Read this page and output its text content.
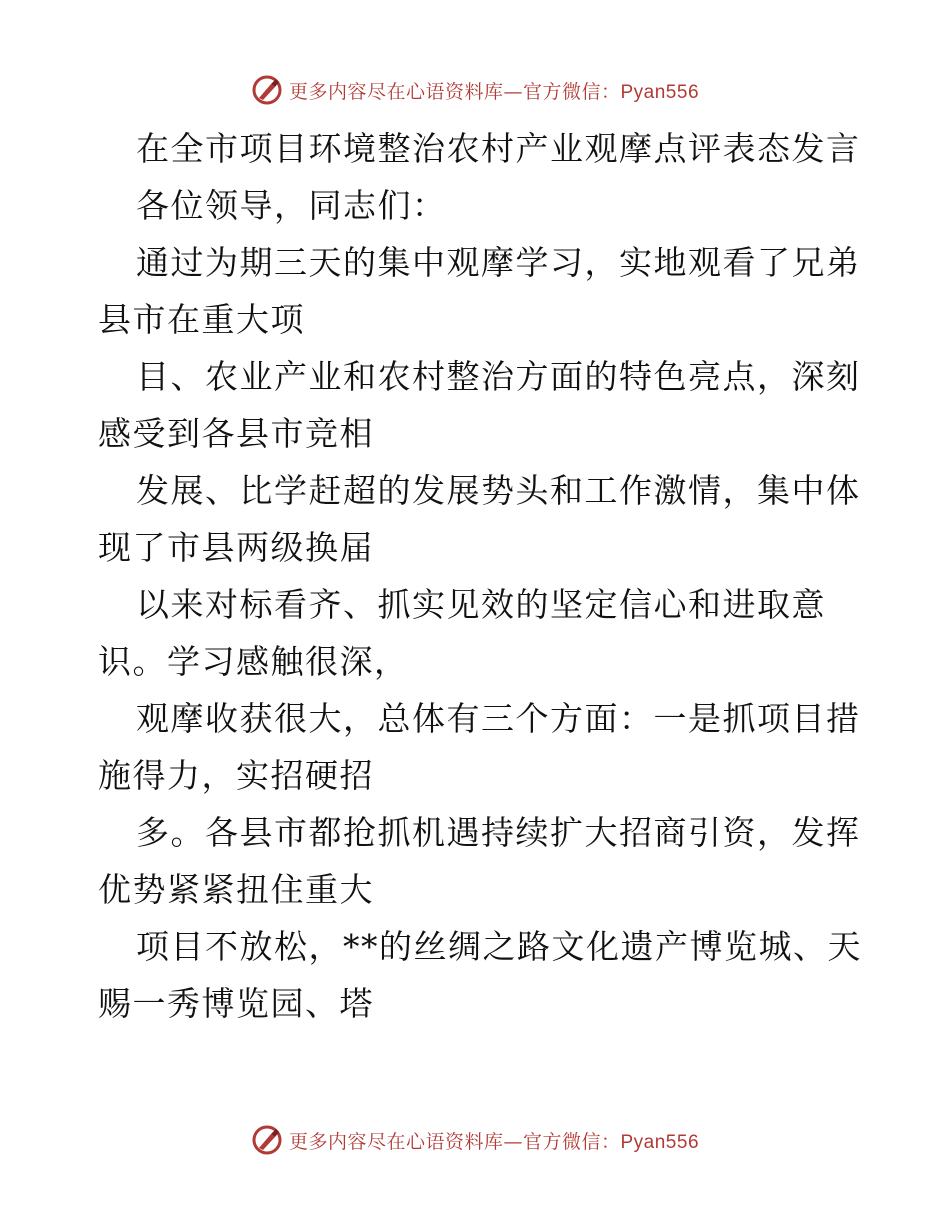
更多内容尽在心语资料库—官方微信：Pyan556
在全市项目环境整治农村产业观摩点评表态发言
各位领导，同志们：
通过为期三天的集中观摩学习，实地观看了兄弟
县市在重大项
目、农业产业和农村整治方面的特色亮点，深刻
感受到各县市竞相
发展、比学赶超的发展势头和工作激情，集中体
现了市县两级换届
以来对标看齐、抓实见效的坚定信心和进取意
识。学习感触很深，
观摩收获很大，总体有三个方面：一是抓项目措
施得力，实招硬招
多。各县市都抢抓机遇持续扩大招商引资，发挥
优势紧紧扭住重大
项目不放松，**的丝绸之路文化遗产博览城、天
赐一秀博览园、塔
更多内容尽在心语资料库—官方微信：Pyan556
